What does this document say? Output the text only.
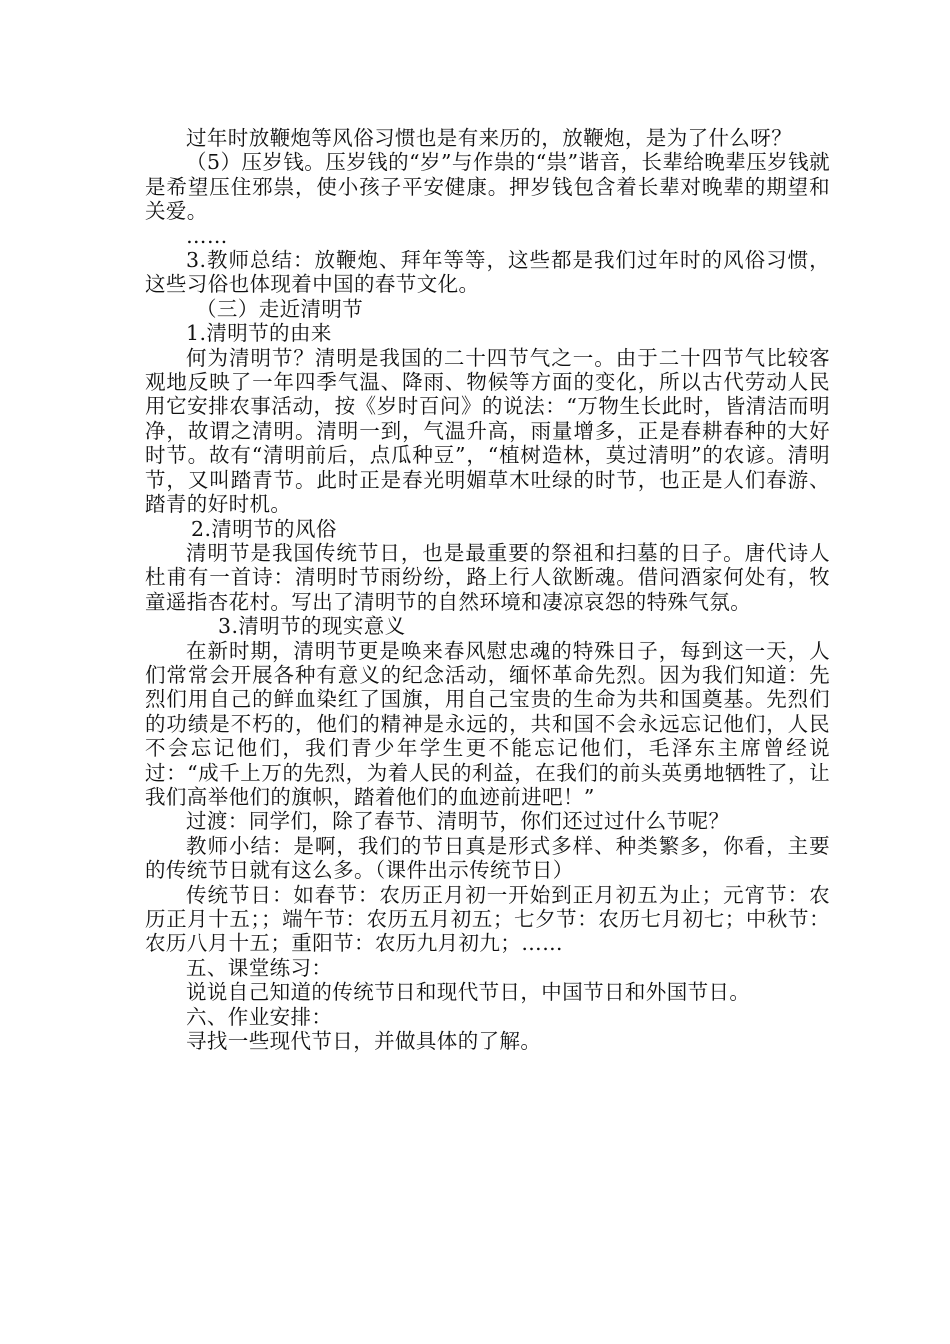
过年时放鞭炮等风俗习惯也是有来历的，放鞭炮，是为了什么呀？

（5）压岁钱。压岁钱的“岁”与作祟的“祟”谐音，长辈给晚辈压岁钱就是希望压住邪祟，使小孩子平安健康。押岁钱包含着长辈对晚辈的期望和关爱。

……

3.教师总结：放鞭炮、拜年等等，这些都是我们过年时的风俗习惯，这些习俗也体现着中国的春节文化。

（三）走近清明节

1.清明节的由来

何为清明节？清明是我国的二十四节气之一。由于二十四节气比较客观地反映了一年四季气温、降雨、物候等方面的变化，所以古代劳动人民用它安排农事活动，按《岁时百问》的说法：“万物生长此时，皆清洁而明净，故谓之清明。清明一到，气温升高，雨量增多，正是春耕春种的大好时节。故有“清明前后，点瓜种豆”，“植树造林，莫过清明”的农谚。清明节，又叫踏青节。此时正是春光明媚草木吐绿的时节，也正是人们春游、踏青的好时机。

2.清明节的风俗

清明节是我国传统节日，也是最重要的祭祖和扫墓的日子。唐代诗人杜甫有一首诗：清明时节雨纷纷，路上行人欲断魂。借问酒家何处有，牧童遥指杏花村。写出了清明节的自然环境和凄凉哀怨的特殊气氛。

3.清明节的现实意义

在新时期，清明节更是唤来春风慰忠魂的特殊日子，每到这一天，人们常常会开展各种有意义的纪念活动，缅怀革命先烈。因为我们知道：先烈们用自己的鲜血染红了国旗，用自己宝贵的生命为共和国奠基。先烈们的功绩是不朽的，他们的精神是永远的，共和国不会永远忘记他们，人民不会忘记他们，我们青少年学生更不能忘记他们，毛泽东主席曾经说过：“成千上万的先烈，为着人民的利益，在我们的前头英勇地牺牲了，让我们高举他们的旗帜，踏着他们的血迹前进吧！”

过渡：同学们，除了春节、清明节，你们还过过什么节呢？

教师小结：是啊，我们的节日真是形式多样、种类繁多，你看，主要的传统节日就有这么多。（课件出示传统节日）

传统节日：如春节：农历正月初一开始到正月初五为止；元宵节：农历正月十五；；端午节：农历五月初五；七夕节：农历七月初七；中秋节：农历八月十五；重阳节：农历九月初九；……

五、课堂练习：

说说自己知道的传统节日和现代节日，中国节日和外国节日。

六、作业安排：

寻找一些现代节日，并做具体的了解。
